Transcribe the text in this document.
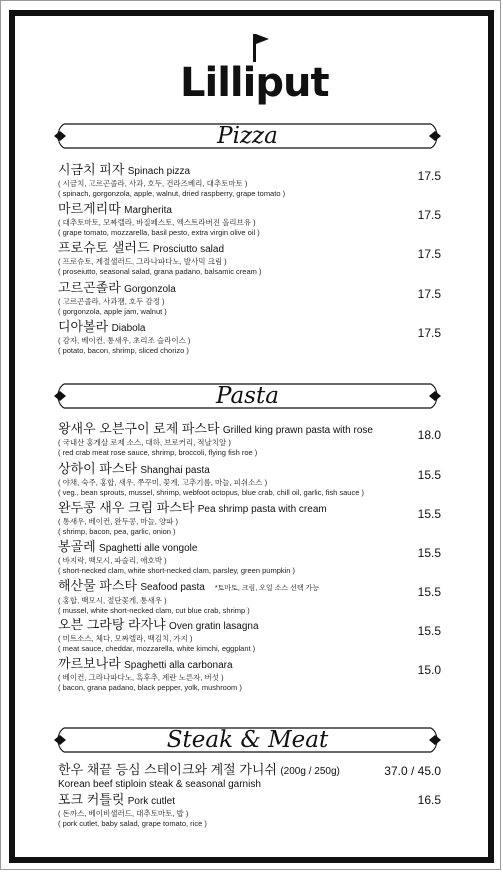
Lilliput
Pizza
시금치 피자 Spinach pizza
( 시금치, 고르곤졸라, 사과, 호두, 건라즈베리, 대추토마토 )
( spinach, gorgonzola, apple, walnut, dried raspberry, grape tomato )
17.5
마르게리따 Margherita
( 대추토마토, 모짜렐라, 바질페스토, 엑스트라버진 올리브유 )
( grape tomato, mozzarella, basil pesto, extra virgin olive oil )
17.5
프로슈토 샐러드 Prosciutto salad
( 프로슈토, 계절샐러드, 그라나파다노, 발사믹 크림 )
( proseiutto, seasonal salad, grana padano, balsamic cream )
17.5
고르곤졸라 Gorgonzola
( 고르곤졸라, 사과잼, 호두 감정 )
( gorgonzola, apple jam, walnut )
17.5
디아볼라 Diabola
( 감자, 베이컨, 통새우, 초리조 슬라이스 )
( potato, bacon, shrimp, sliced chorizo )
17.5
Pasta
왕새우 오븐구이 로제 파스타 Grilled king prawn pasta with rose
( 국내산 홍게살 로제 소스, 대하, 브로커리, 적날치알 )
( red crab meat rose sauce, shrimp, broccoli, flying fish roe )
18.0
상하이 파스타 Shanghai pasta
( 야채, 숙주, 홍합, 새우, 쭈꾸미, 꽃게, 고추기름, 마늘, 피쉬소스 )
( veg., bean sprouts, mussel, shrimp, webfoot octopus, blue crab, chill oil, garlic, fish sauce )
15.5
완두콩 새우 크림 파스타 Pea shrimp pasta with cream
( 통새우, 베이컨, 완두콩, 마늘, 양파 )
( shrimp, bacon, pea, garlic, onion )
15.5
봉골레 Spaghetti alle vongole
( 바지락, 백모시, 파슬리, 애호박 )
( short-necked clam, white short-necked clam, parsley, green pumpkin )
15.5
해산물 파스타 Seafood pasta *토마토, 크림, 오일 소스 선택 가능
( 홍합, 백모시, 절단꽃게, 통새우 )
( mussel, white short-necked clam, cut blue crab, shrimp )
15.5
오븐 그라탕 라자냐 Oven gratin lasagna
( 미트소스, 체다, 모짜렐라, 백김치, 가지 )
( meat sauce, cheddar, mozzarella, white kimchi, eggplant )
15.5
까르보나라 Spaghetti alla carbonara
( 베이컨, 그라나파다노, 흑후추, 계란 노른자, 버섯 )
( bacon, grana padano, black pepper, yolk, mushroom )
15.0
Steak & Meat
한우 채끝 등심 스테이크와 계절 가니쉬 (200g / 250g)
Korean beef stiploin steak & seasonal garnish
37.0 / 45.0
포크 커틀릿 Pork cutlet
( 돈까스, 베이비샐러드, 대추토마토, 밥 )
( pork cutlet, baby salad, grape tomato, rice )
16.5
